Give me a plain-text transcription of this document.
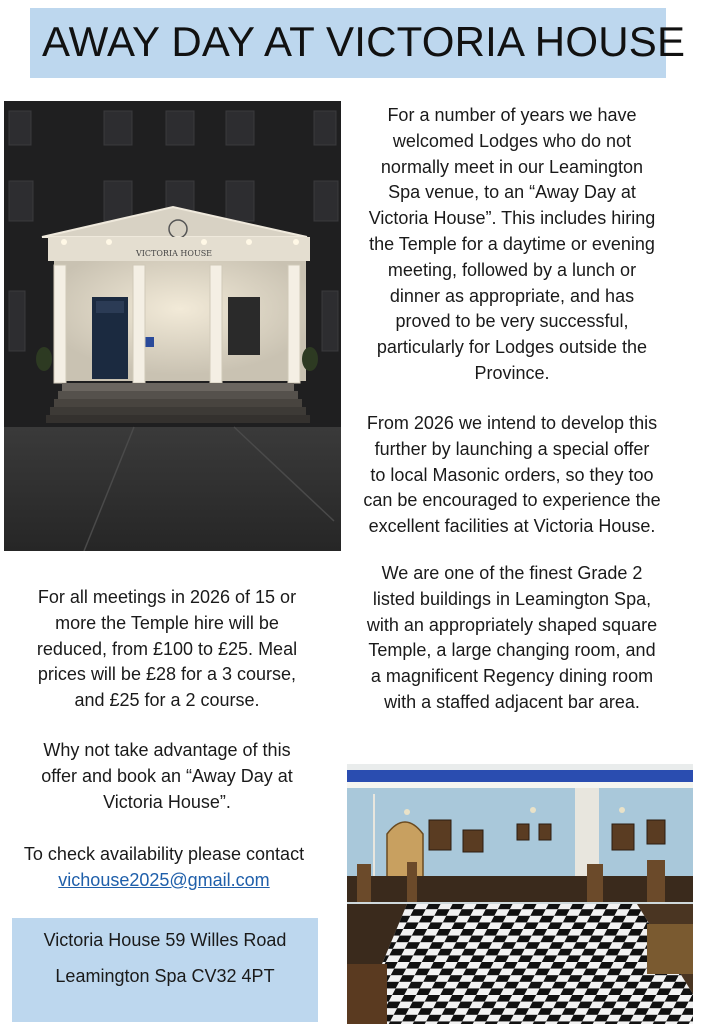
AWAY DAY AT VICTORIA HOUSE
VICTORIA HOUSE

For a number of years we have

welcomed Lodges who do not

normally meet in our Leamington

Spa venue, to an “Away Day at

Victoria House”. This includes hiring

the Temple for a daytime or evening

meeting, followed by a lunch or

dinner as appropriate, and has

proved to be very successful,

particularly for Lodges outside the

Province.

From 2026 we intend to develop this

further by launching a special offer

to local Masonic orders, so they too

can be encouraged to experience the

excellent facilities at Victoria House.

We are one of the finest Grade 2

listed buildings in Leamington Spa,

with an appropriately shaped square

Temple, a large changing room, and

a magnificent Regency dining room

with a staffed adjacent bar area.

For all meetings in 2026 of 15 or

more the Temple hire will be

reduced, from £100 to £25. Meal

prices will be £28 for a 3 course,

and £25 for a 2 course.

Why not take advantage of this

offer and book an “Away Day at

Victoria House”.

To check availability please contact

vichouse2025@gmail.com

Victoria House 59 Willes Road

Leamington Spa CV32 4PT
